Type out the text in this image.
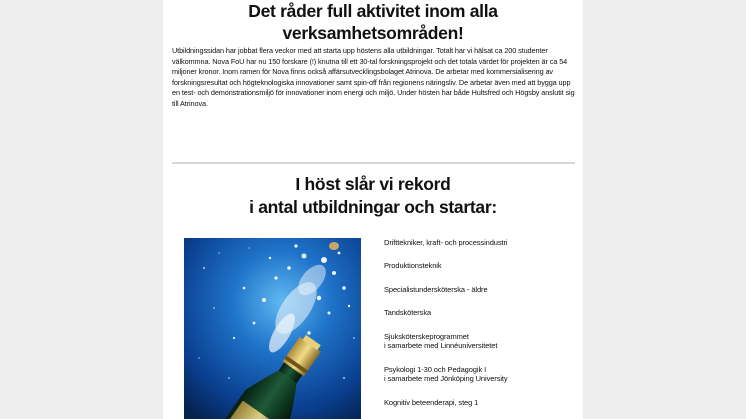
Det råder full aktivitet inom alla verksamhetsområden!

Utbildningssidan har jobbat flera veckor med att starta upp höstens alla utbildningar. Totalt har vi hälsat ca 200 studenter välkommna. Nova FoU har nu 150 forskare (!) knutna till ett 30-tal forskningsprojekt och det totala värdet för projekten är ca 54 miljoner kronor. Inom ramen för Nova finns också affärsutvecklingsbolaget Atrinova. De arbetar med kommersialisering av forskningsresultat och högteknologiska innovationer samt spin-off från regionens näringsliv. De arbetar även med att bygga upp en test- och demonstrationsmiljö för innovationer inom energi och miljö. Under hösten har både Hultsfred och Högsby anslutit sig till Atrinova.

I höst slår vi rekord
i antal utbildningar och startar:
Drifttekniker, kraft- och processindustri
Produktionsteknik
Specialistundersköterska - äldre
Tandsköterska
Sjuksköterskeprogrammet
i samarbete med Linnéuniversitetet
Psykologi 1-30 och Pedagogik I
i samarbete med Jönköping University
Kognitiv beteenderapi, steg 1
